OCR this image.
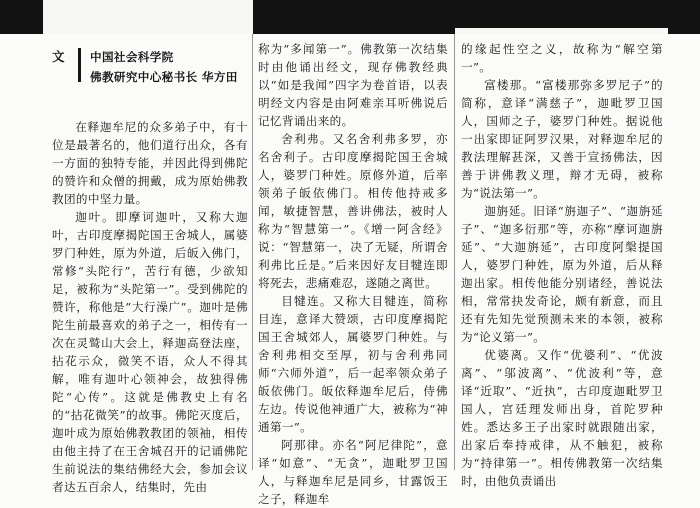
文 中国社会科学院
佛教研究中心秘书长 华方田

在释迦牟尼的众多弟子中，有十位是最著名的，他们道行出众，各有一方面的独特专能，并因此得到佛陀的赞许和众僧的拥戴，成为原始佛教教团的中坚力量。

迦叶。即摩诃迦叶，又称大迦叶，古印度摩揭陀国王舍城人，属婆罗门种姓，原为外道，后皈入佛门，常修“头陀行”，苦行有德，少欲知足，被称为“头陀第一”。受到佛陀的赞许，称他是“大行澡广”。迦叶是佛陀生前最喜欢的弟子之一，相传有一次在灵鹫山大会上，释迦高登法座，拈花示众，微笑不语，众人不得其解，唯有迦叶心领神会，故独得佛陀“心传”。这就是佛教史上有名的“拈花微笑”的故事。佛陀灭度后，迦叶成为原始佛教教团的领袖，相传由他主持了在王舍城召开的记诵佛陀生前说法的集结佛经大会，参加会议者达五百余人，结集时，先由

称为“多闻第一”。佛教第一次结集时由他诵出经文，现存佛教经典以“如是我闻”四字为卷首语，以表明经文内容是由阿难亲耳听佛说后记忆背诵出来的。

舍利弗。又名舍利弗多罗，亦名舍利子。古印度摩揭陀国王舍城人，婆罗门种姓。原修外道，后率领弟子皈依佛门。相传他持戒多闻，敏捷智慧，善讲佛法，被时人称为“智慧第一”。《增一阿含经》说：“智慧第一，决了无疑，所谓舍利弗比丘是。”后来因好友目犍连即将死去，悲痛难忍，遂随之离世。

目犍连。又称大目犍连，简称目连，意译大赞颂，古印度摩揭陀国王舍城郊人，属婆罗门种姓。与舍利弗相交至厚，初与舍利弗同师“六师外道”，后一起率领众弟子皈依佛门。皈依释迦牟尼后，侍佛左边。传说他神通广大，被称为“神通第一”。

阿那律。亦名“阿尼律陀”，意译“如意”、“无贪”，迦毗罗卫国人，与释迦牟尼是同乡，甘露饭王之子，释迦牟

的缘起性空之义，故称为“解空第一”。

富楼那。“富楼那弥多罗尼子”的简称，意译“满慈子”，迦毗罗卫国人，国师之子，婆罗门种姓。据说他一出家即证阿罗汉果，对释迦牟尼的教法理解甚深，又善于宣扬佛法，因善于讲佛教义理，辩才无碍，被称为“说法第一”。

迦旃延。旧译“旃迦子”、“迦旃延子”、“迦多衍那”等，亦称“摩诃迦旃延”、“大迦旃延”，古印度阿槃提国人，婆罗门种姓，原为外道，后从释迦出家。相传他能分别诸经，善说法相，常常抉发奇论，颇有新意，而且还有先知先觉预测未来的本领，被称为“论义第一”。

优婆离。又作“优婆利”、“优波离”、“邬波离”、“优波利”等，意译“近取”、“近执”，古印度迦毗罗卫国人，宫廷理发师出身，首陀罗种姓。悉达多王子出家时就跟随出家，出家后奉持戒律，从不触犯，被称为“持律第一”。相传佛教第一次结集时，由他负责诵出
